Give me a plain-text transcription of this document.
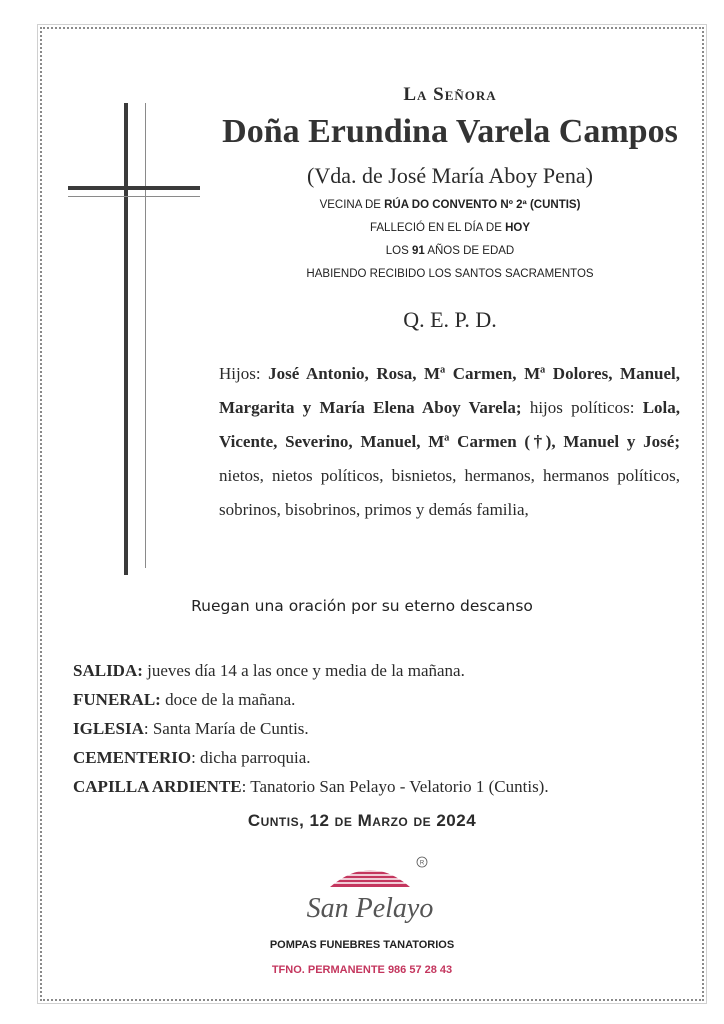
La Señora
Doña Erundina Varela Campos
(Vda. de José María Aboy Pena)
VECINA DE RÚA DO CONVENTO Nº 2ª (CUNTIS)
FALLECIÓ EN EL DÍA DE HOY
LOS 91 AÑOS DE EDAD
HABIENDO RECIBIDO LOS SANTOS SACRAMENTOS
Q. E. P. D.
Hijos: José Antonio, Rosa, Mª Carmen, Mª Dolores, Manuel, Margarita y María Elena Aboy Varela; hijos políticos: Lola, Vicente, Severino, Manuel, Mª Carmen (†), Manuel y José; nietos, nietos políticos, bisnietos, hermanos, hermanos políticos, sobrinos, bisobrinos, primos y demás familia,
Ruegan una oración por su eterno descanso
SALIDA: jueves día 14 a las once y media de la mañana.
FUNERAL: doce de la mañana.
IGLESIA: Santa María de Cuntis.
CEMENTERIO: dicha parroquia.
CAPILLA ARDIENTE: Tanatorio San Pelayo - Velatorio 1 (Cuntis).
Cuntis, 12 de Marzo de 2024
R
San Pelayo
POMPAS FUNEBRES TANATORIOS
TFNO. PERMANENTE 986 57 28 43
